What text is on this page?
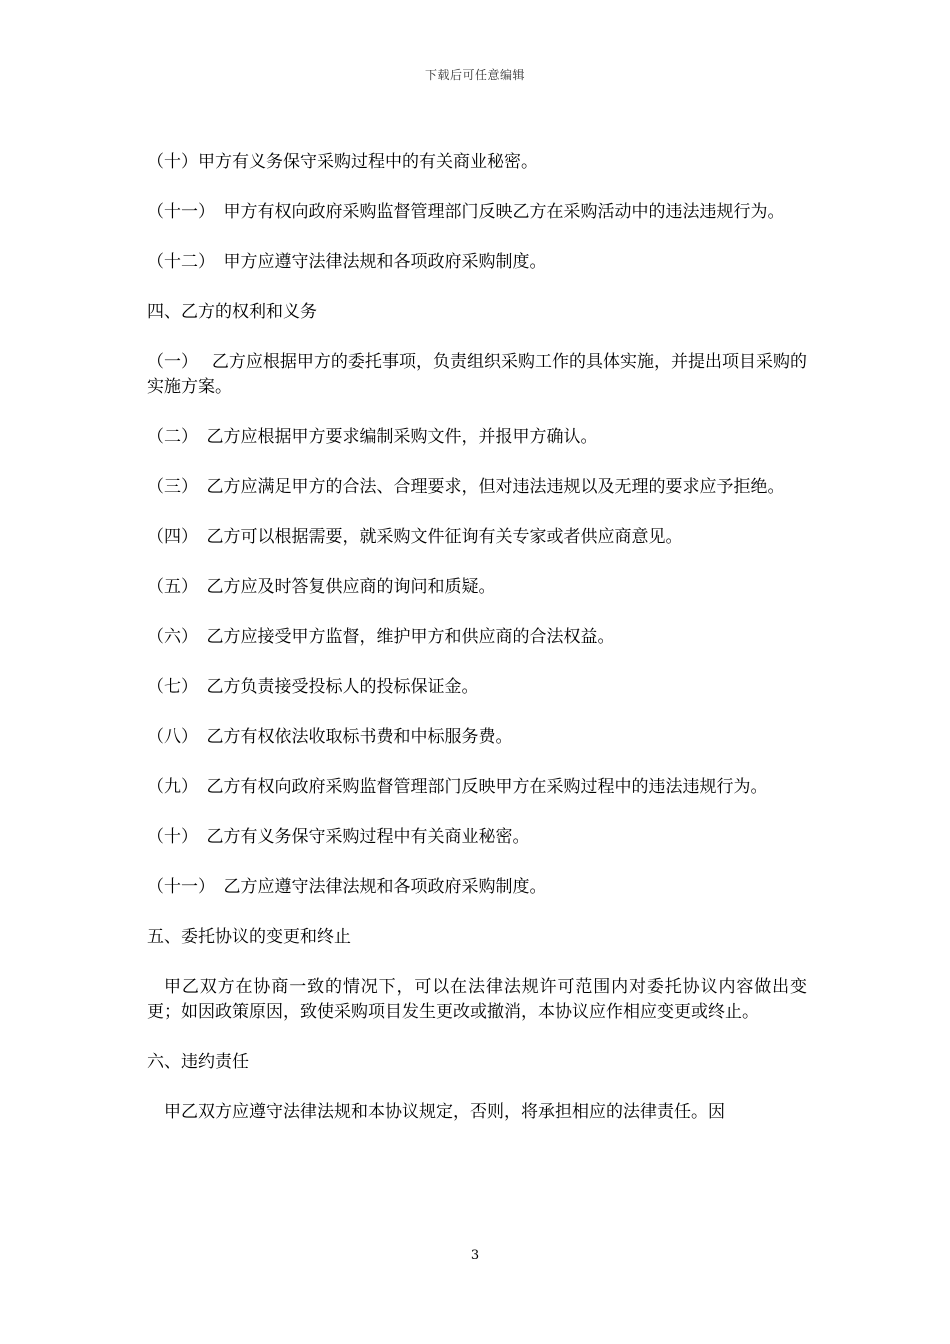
下载后可任意编辑

（十）甲方有义务保守采购过程中的有关商业秘密。

（十一）　甲方有权向政府采购监督管理部门反映乙方在采购活动中的违法违规行为。

（十二）　甲方应遵守法律法规和各项政府采购制度。

四、乙方的权利和义务

（一）　 乙方应根据甲方的委托事项，负责组织采购工作的具体实施，并提出项目采购的实施方案。

（二）　乙方应根据甲方要求编制采购文件，并报甲方确认。

（三）　乙方应满足甲方的合法、合理要求，但对违法违规以及无理的要求应予拒绝。

（四）　乙方可以根据需要，就采购文件征询有关专家或者供应商意见。

（五）　乙方应及时答复供应商的询问和质疑。

（六）　乙方应接受甲方监督，维护甲方和供应商的合法权益。

（七）　乙方负责接受投标人的投标保证金。

（八）　乙方有权依法收取标书费和中标服务费。

（九）　乙方有权向政府采购监督管理部门反映甲方在采购过程中的违法违规行为。

（十）　乙方有义务保守采购过程中有关商业秘密。

（十一）　乙方应遵守法律法规和各项政府采购制度。

五、委托协议的变更和终止

甲乙双方在协商一致的情况下，可以在法律法规许可范围内对委托协议内容做出变更；如因政策原因，致使采购项目发生更改或撤消，本协议应作相应变更或终止。

六、违约责任

甲乙双方应遵守法律法规和本协议规定，否则，将承担相应的法律责任。因

3
